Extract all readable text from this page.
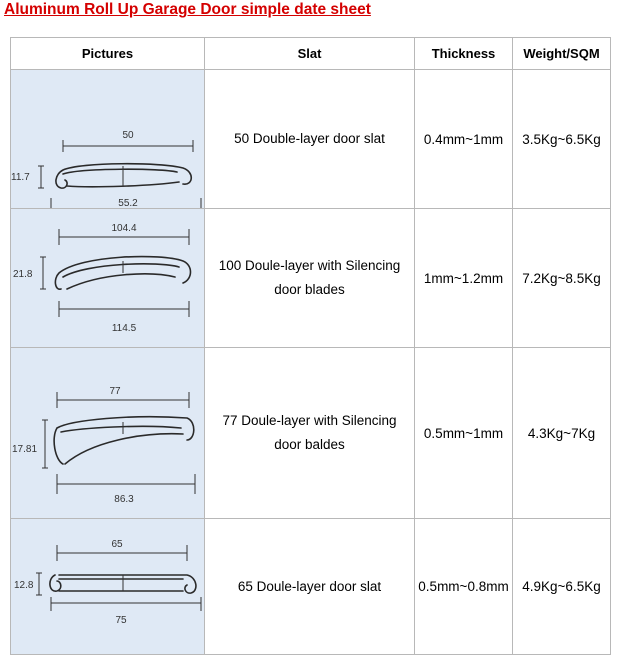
Aluminum Roll Up Garage Door simple date sheet
Pictures	Slat	Thickness	Weight/SQM

50
11.7
55.2	50 Double-layer door slat	0.4mm~1mm	3.5Kg~6.5Kg

104.4
21.8
114.5	100 Doule-layer with Silencing door blades	1mm~1.2mm	7.2Kg~8.5Kg

77
17.81
86.3	77 Doule-layer with Silencing door baldes	0.5mm~1mm	4.3Kg~7Kg

65
12.8
75	65 Doule-layer door slat	0.5mm~0.8mm	4.9Kg~6.5Kg
